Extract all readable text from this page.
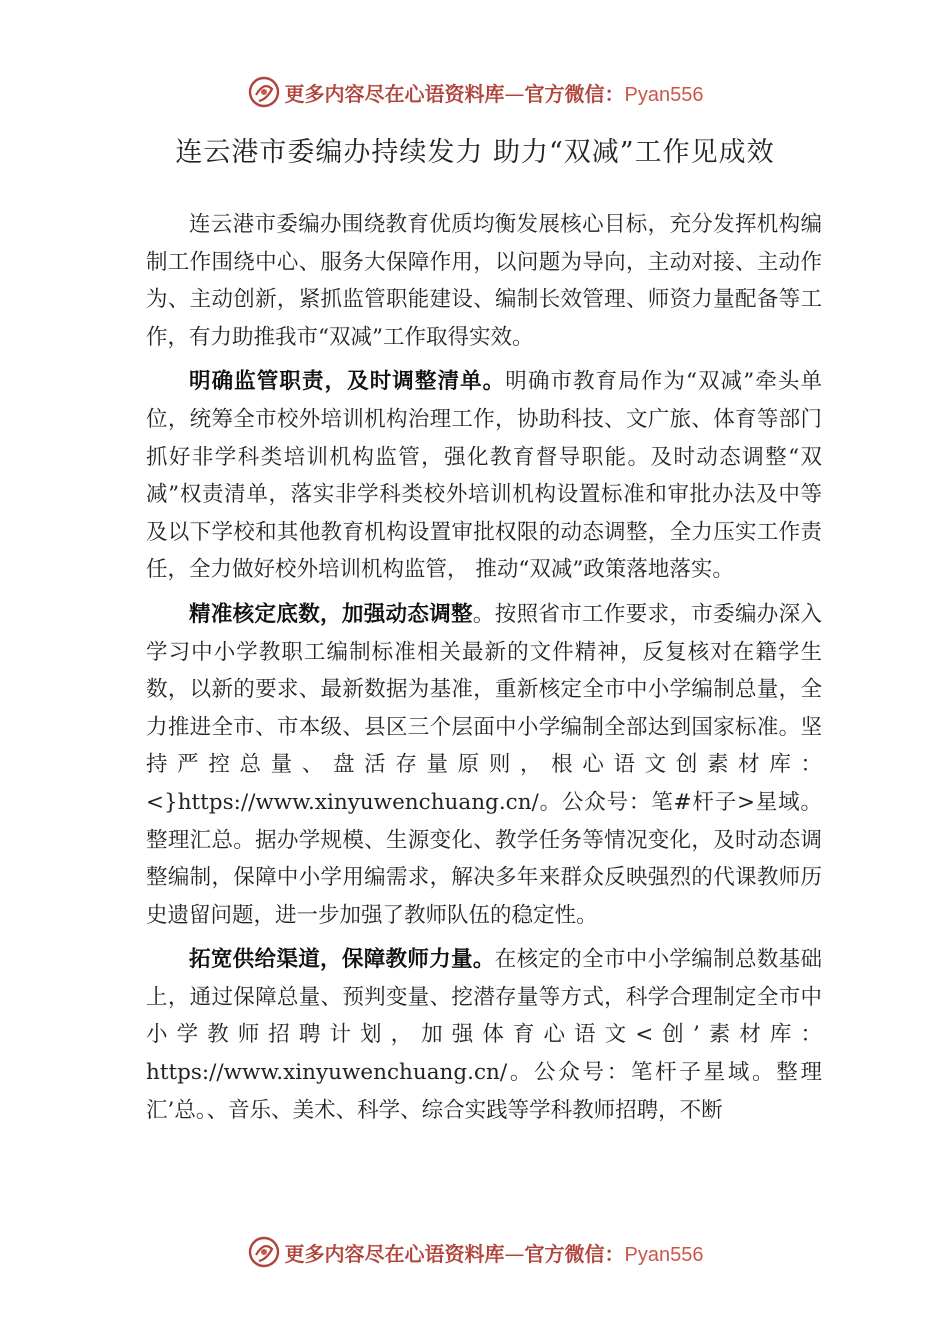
更多内容尽在心语资料库—官方微信：Pyan556
连云港市委编办持续发力 助力“双减”工作见成效

连云港市委编办围绕教育优质均衡发展核心目标，充分发挥机构编制工作围绕中心、服务大保障作用，以问题为导向，主动对接、主动作为、主动创新，紧抓监管职能建设、编制长效管理、师资力量配备等工作，有力助推我市“双减”工作取得实效。

明确监管职责，及时调整清单。明确市教育局作为“双减”牵头单位，统筹全市校外培训机构治理工作，协助科技、文广旅、体育等部门抓好非学科类培训机构监管，强化教育督导职能。及时动态调整“双减”权责清单，落实非学科类校外培训机构设置标准和审批办法及中等及以下学校和其他教育机构设置审批权限的动态调整，全力压实工作责任，全力做好校外培训机构监管， 推动“双减”政策落地落实。

精准核定底数，加强动态调整。按照省市工作要求，市委编办深入学习中小学教职工编制标准相关最新的文件精神，反复核对在籍学生数，以新的要求、最新数据为基准，重新核定全市中小学编制总量，全力推进全市、市本级、县区三个层面中小学编制全部达到国家标准。坚持严控总量、盘活存量原则，根心语文创素材库：<}https://www.xinyuwenchuang.cn/。公众号：笔#杆子>星域。整理汇总。据办学规模、生源变化、教学任务等情况变化，及时动态调整编制，保障中小学用编需求，解决多年来群众反映强烈的代课教师历史遗留问题，进一步加强了教师队伍的稳定性。

拓宽供给渠道，保障教师力量。在核定的全市中小学编制总数基础上，通过保障总量、预判变量、挖潜存量等方式，科学合理制定全市中小学教师招聘计划，加强体育心语文<创’素材库：https://www.xinyuwenchuang.cn/。公众号：笔杆子星域。整理汇’总。、音乐、美术、科学、综合实践等学科教师招聘，不断

更多内容尽在心语资料库—官方微信：Pyan556
